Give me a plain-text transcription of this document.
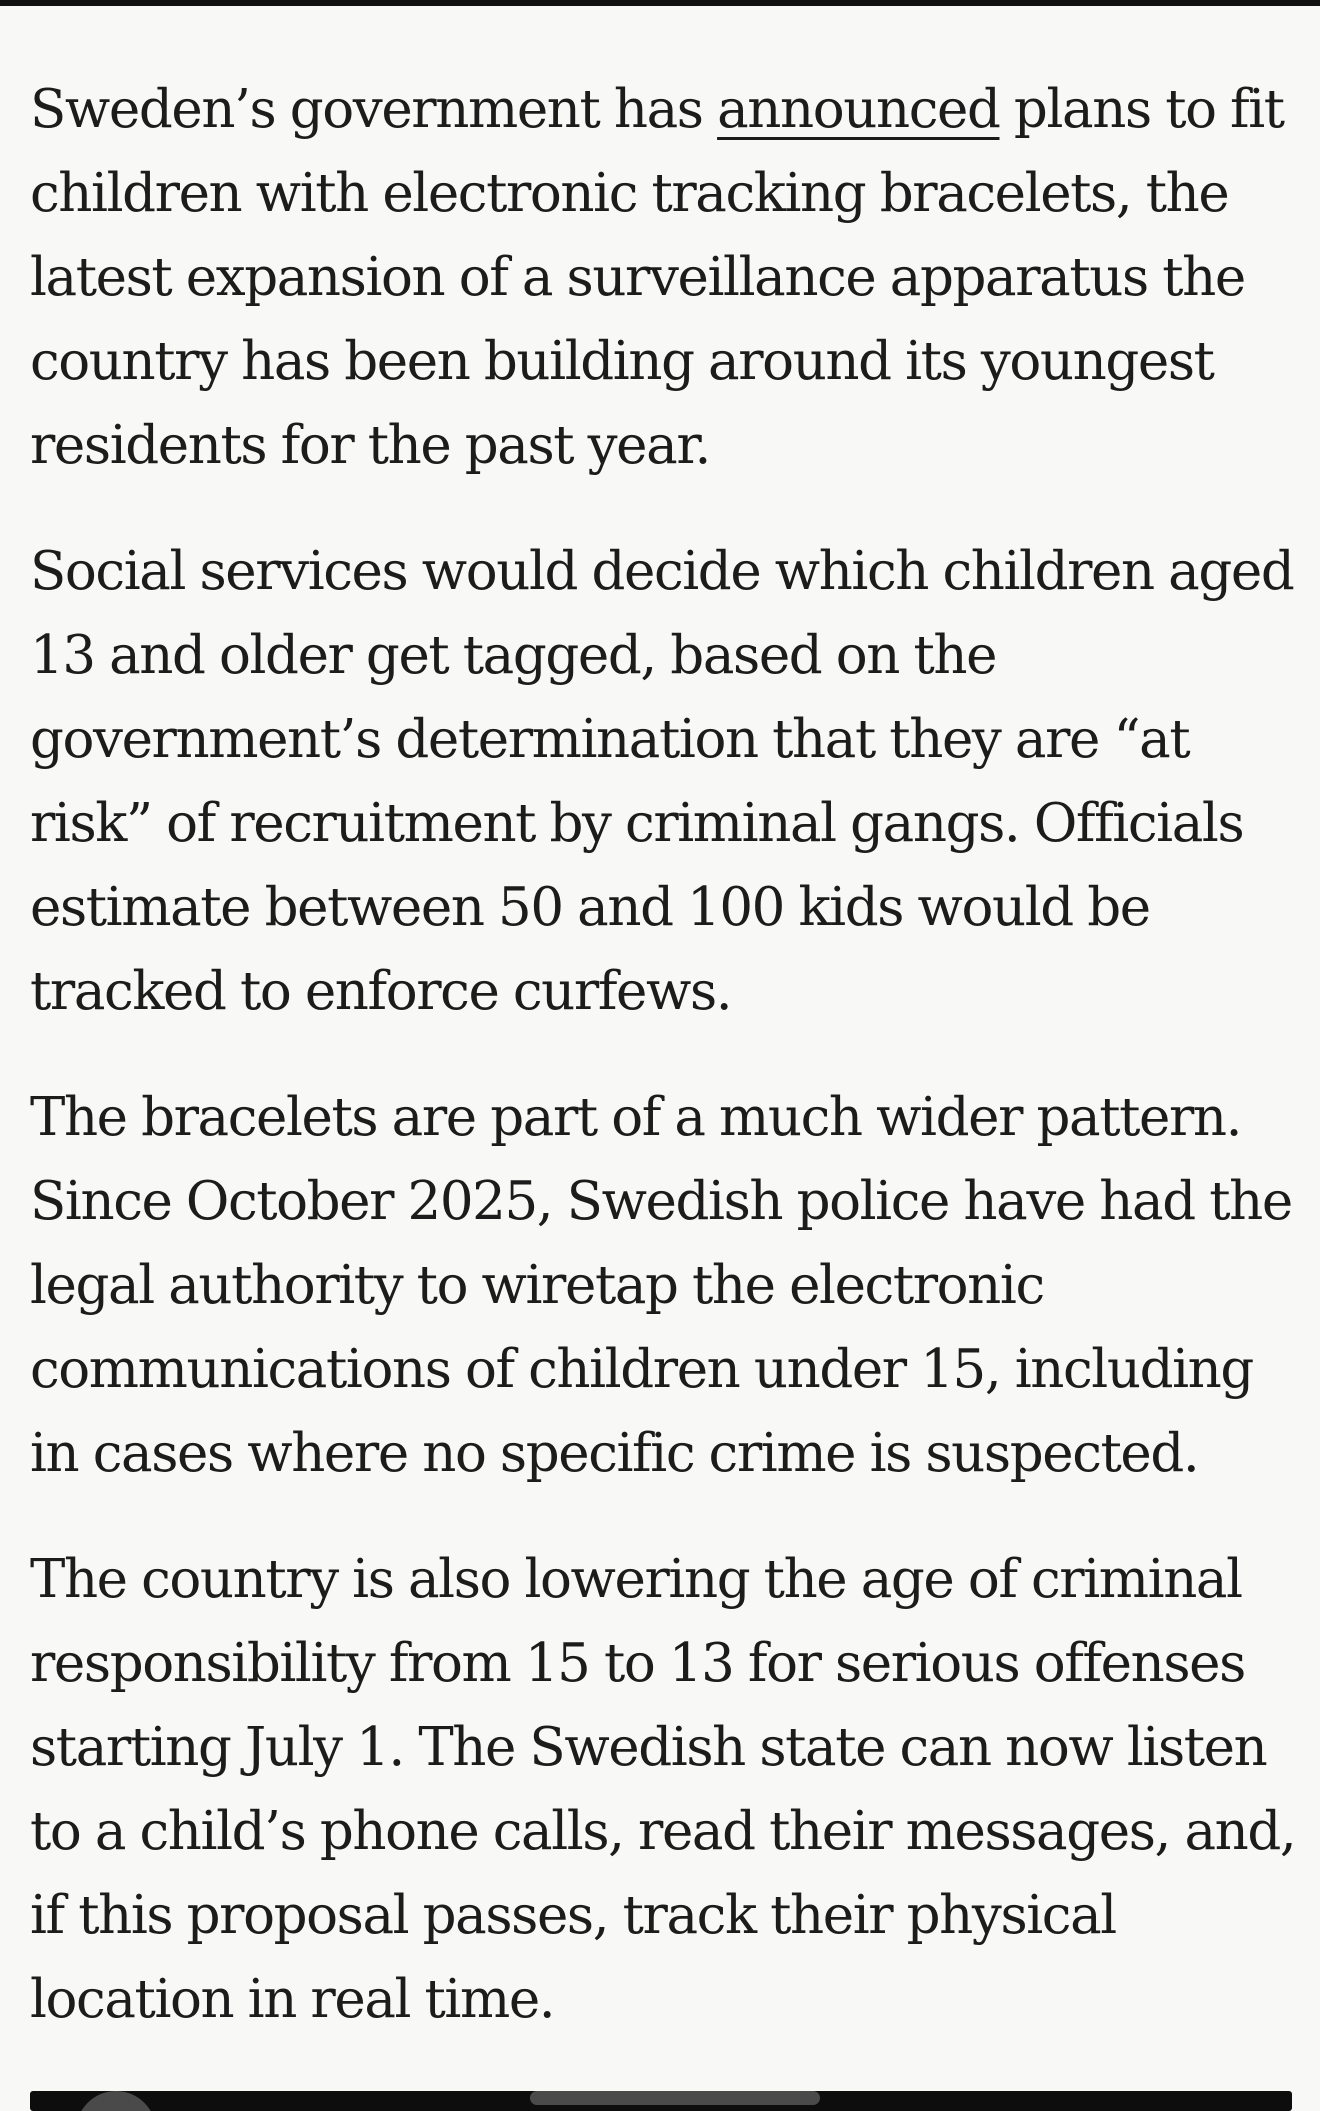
Sweden’s government has announced plans to fit children with electronic tracking bracelets, the latest expansion of a surveillance apparatus the country has been building around its youngest residents for the past year.

Social services would decide which children aged 13 and older get tagged, based on the government’s determination that they are “at risk” of recruitment by criminal gangs. Officials estimate between 50 and 100 kids would be tracked to enforce curfews.

The bracelets are part of a much wider pattern. Since October 2025, Swedish police have had the legal authority to wiretap the electronic communications of children under 15, including in cases where no specific crime is suspected.

The country is also lowering the age of criminal responsibility from 15 to 13 for serious offenses starting July 1. The Swedish state can now listen to a child’s phone calls, read their messages, and, if this proposal passes, track their physical location in real time.
